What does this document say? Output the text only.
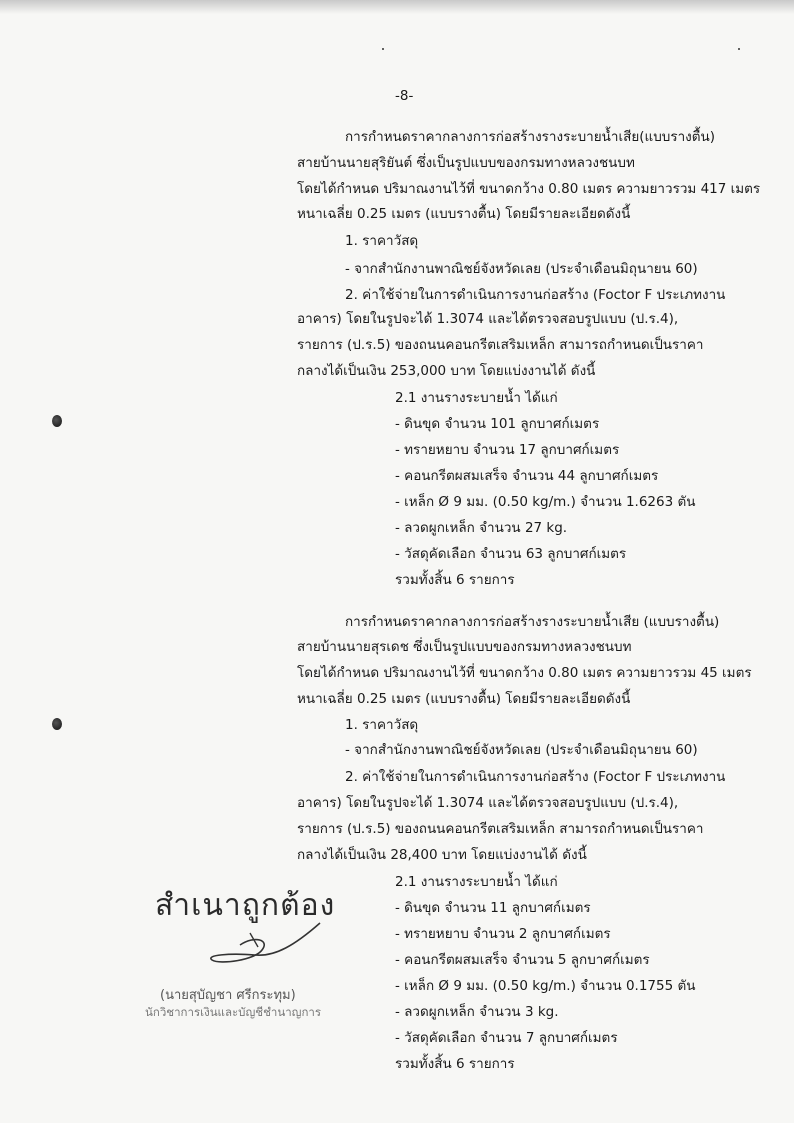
-8-
การกำหนดราคากลางการก่อสร้างรางระบายน้ำเสีย(แบบรางตื้น)
สายบ้านนายสุริยันต์ ซึ่งเป็นรูปแบบของกรมทางหลวงชนบท
โดยได้กำหนด ปริมาณงานไว้ที่ ขนาดกว้าง 0.80 เมตร ความยาวรวม 417 เมตร
หนาเฉลี่ย 0.25 เมตร (แบบรางตื้น) โดยมีรายละเอียดดังนี้
1. ราคาวัสดุ
- จากสำนักงานพาณิชย์จังหวัดเลย (ประจำเดือนมิถุนายน 60)
2. ค่าใช้จ่ายในการดำเนินการงานก่อสร้าง (Foctor F ประเภทงาน
อาคาร) โดยในรูปจะได้ 1.3074 และได้ตรวจสอบรูปแบบ (ป.ร.4),
รายการ (ป.ร.5) ของถนนคอนกรีตเสริมเหล็ก สามารถกำหนดเป็นราคา
กลางได้เป็นเงิน 253,000 บาท โดยแบ่งงานได้ ดังนี้
2.1 งานรางระบายน้ำ ได้แก่
- ดินขุด จำนวน 101 ลูกบาศก์เมตร
- ทรายหยาบ จำนวน 17 ลูกบาศก์เมตร
- คอนกรีตผสมเสร็จ จำนวน 44 ลูกบาศก์เมตร
- เหล็ก Ø 9 มม. (0.50 kg/m.) จำนวน 1.6263 ตัน
- ลวดผูกเหล็ก จำนวน 27 kg.
- วัสดุคัดเลือก จำนวน 63 ลูกบาศก์เมตร
รวมทั้งสิ้น 6 รายการ
การกำหนดราคากลางการก่อสร้างรางระบายน้ำเสีย (แบบรางตื้น)
สายบ้านนายสุรเดช ซึ่งเป็นรูปแบบของกรมทางหลวงชนบท
โดยได้กำหนด ปริมาณงานไว้ที่ ขนาดกว้าง 0.80 เมตร ความยาวรวม 45 เมตร
หนาเฉลี่ย 0.25 เมตร (แบบรางตื้น) โดยมีรายละเอียดดังนี้
1. ราคาวัสดุ
- จากสำนักงานพาณิชย์จังหวัดเลย (ประจำเดือนมิถุนายน 60)
2. ค่าใช้จ่ายในการดำเนินการงานก่อสร้าง (Foctor F ประเภทงาน
อาคาร) โดยในรูปจะได้ 1.3074 และได้ตรวจสอบรูปแบบ (ป.ร.4),
รายการ (ป.ร.5) ของถนนคอนกรีตเสริมเหล็ก สามารถกำหนดเป็นราคา
กลางได้เป็นเงิน 28,400 บาท โดยแบ่งงานได้ ดังนี้
2.1 งานรางระบายน้ำ ได้แก่
- ดินขุด จำนวน 11 ลูกบาศก์เมตร
- ทรายหยาบ จำนวน 2 ลูกบาศก์เมตร
- คอนกรีตผสมเสร็จ จำนวน 5 ลูกบาศก์เมตร
- เหล็ก Ø 9 มม. (0.50 kg/m.) จำนวน 0.1755 ตัน
- ลวดผูกเหล็ก จำนวน 3 kg.
- วัสดุคัดเลือก จำนวน 7 ลูกบาศก์เมตร
รวมทั้งสิ้น 6 รายการ
สำเนาถูกต้อง
(นายสุบัญชา ศรีกระทุม)
นักวิชาการเงินและบัญชีชำนาญการ
